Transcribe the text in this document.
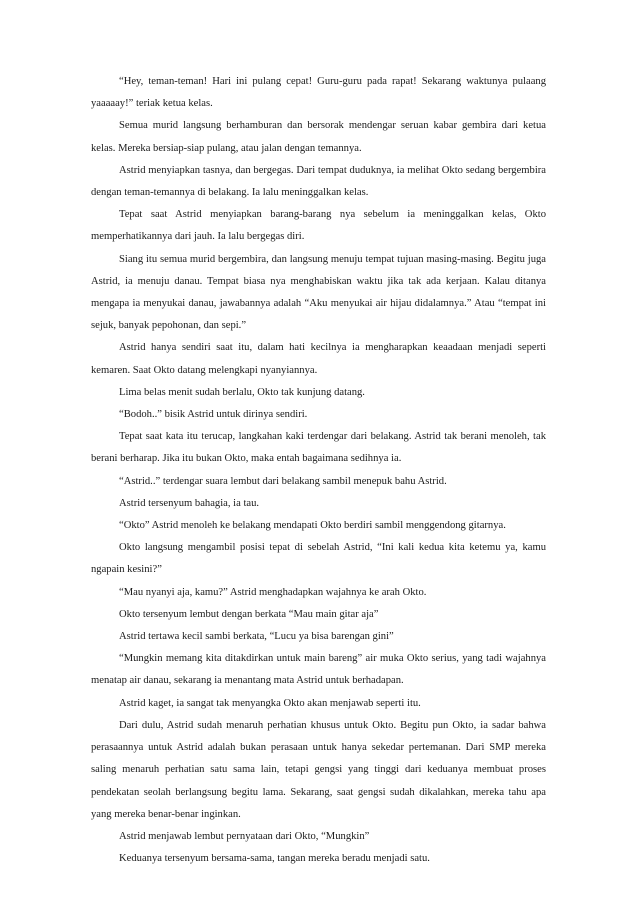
“Hey, teman-teman! Hari ini pulang cepat! Guru-guru pada rapat! Sekarang waktunya pulaang yaaaaay!” teriak ketua kelas.

Semua murid langsung berhamburan dan bersorak mendengar seruan kabar gembira dari ketua kelas. Mereka bersiap-siap pulang, atau jalan dengan temannya.

Astrid menyiapkan tasnya, dan bergegas. Dari tempat duduknya, ia melihat Okto sedang bergembira dengan teman-temannya di belakang. Ia lalu meninggalkan kelas.

Tepat saat Astrid menyiapkan barang-barang nya sebelum ia meninggalkan kelas, Okto memperhatikannya dari jauh. Ia lalu bergegas diri.

Siang itu semua murid bergembira, dan langsung menuju tempat tujuan masing-masing. Begitu juga Astrid, ia menuju danau. Tempat biasa nya menghabiskan waktu jika tak ada kerjaan. Kalau ditanya mengapa ia menyukai danau, jawabannya adalah “Aku menyukai air hijau didalamnya.” Atau “tempat ini sejuk, banyak pepohonan, dan sepi.”

Astrid hanya sendiri saat itu, dalam hati kecilnya ia mengharapkan keaadaan menjadi seperti kemaren. Saat Okto datang melengkapi nyanyiannya.

Lima belas menit sudah berlalu, Okto tak kunjung datang.

“Bodoh..” bisik Astrid untuk dirinya sendiri.

Tepat saat kata itu terucap, langkahan kaki terdengar dari belakang. Astrid tak berani menoleh, tak berani berharap. Jika itu bukan Okto, maka entah bagaimana sedihnya ia.

“Astrid..” terdengar suara lembut dari belakang sambil menepuk bahu Astrid.

Astrid tersenyum bahagia, ia tau.

“Okto” Astrid menoleh ke belakang mendapati Okto berdiri sambil menggendong gitarnya.

Okto langsung mengambil posisi tepat di sebelah Astrid, “Ini kali kedua kita ketemu ya, kamu ngapain kesini?”

“Mau nyanyi aja, kamu?” Astrid menghadapkan wajahnya ke arah Okto.

Okto tersenyum lembut dengan berkata “Mau main gitar aja”

Astrid tertawa kecil sambi berkata, “Lucu ya bisa barengan gini”

“Mungkin memang kita ditakdirkan untuk main bareng” air muka Okto serius, yang tadi wajahnya menatap air danau, sekarang ia menantang mata Astrid untuk berhadapan.

Astrid kaget, ia sangat tak menyangka Okto akan menjawab seperti itu.

Dari dulu, Astrid sudah menaruh perhatian khusus untuk Okto. Begitu pun Okto, ia sadar bahwa perasaannya untuk Astrid adalah bukan perasaan untuk hanya sekedar pertemanan. Dari SMP mereka saling menaruh perhatian satu sama lain, tetapi gengsi yang tinggi dari keduanya membuat proses pendekatan seolah berlangsung begitu lama. Sekarang, saat gengsi sudah dikalahkan, mereka tahu apa yang mereka benar-benar inginkan.

Astrid menjawab lembut pernyataan dari Okto, “Mungkin”

Keduanya tersenyum bersama-sama, tangan mereka beradu menjadi satu.
